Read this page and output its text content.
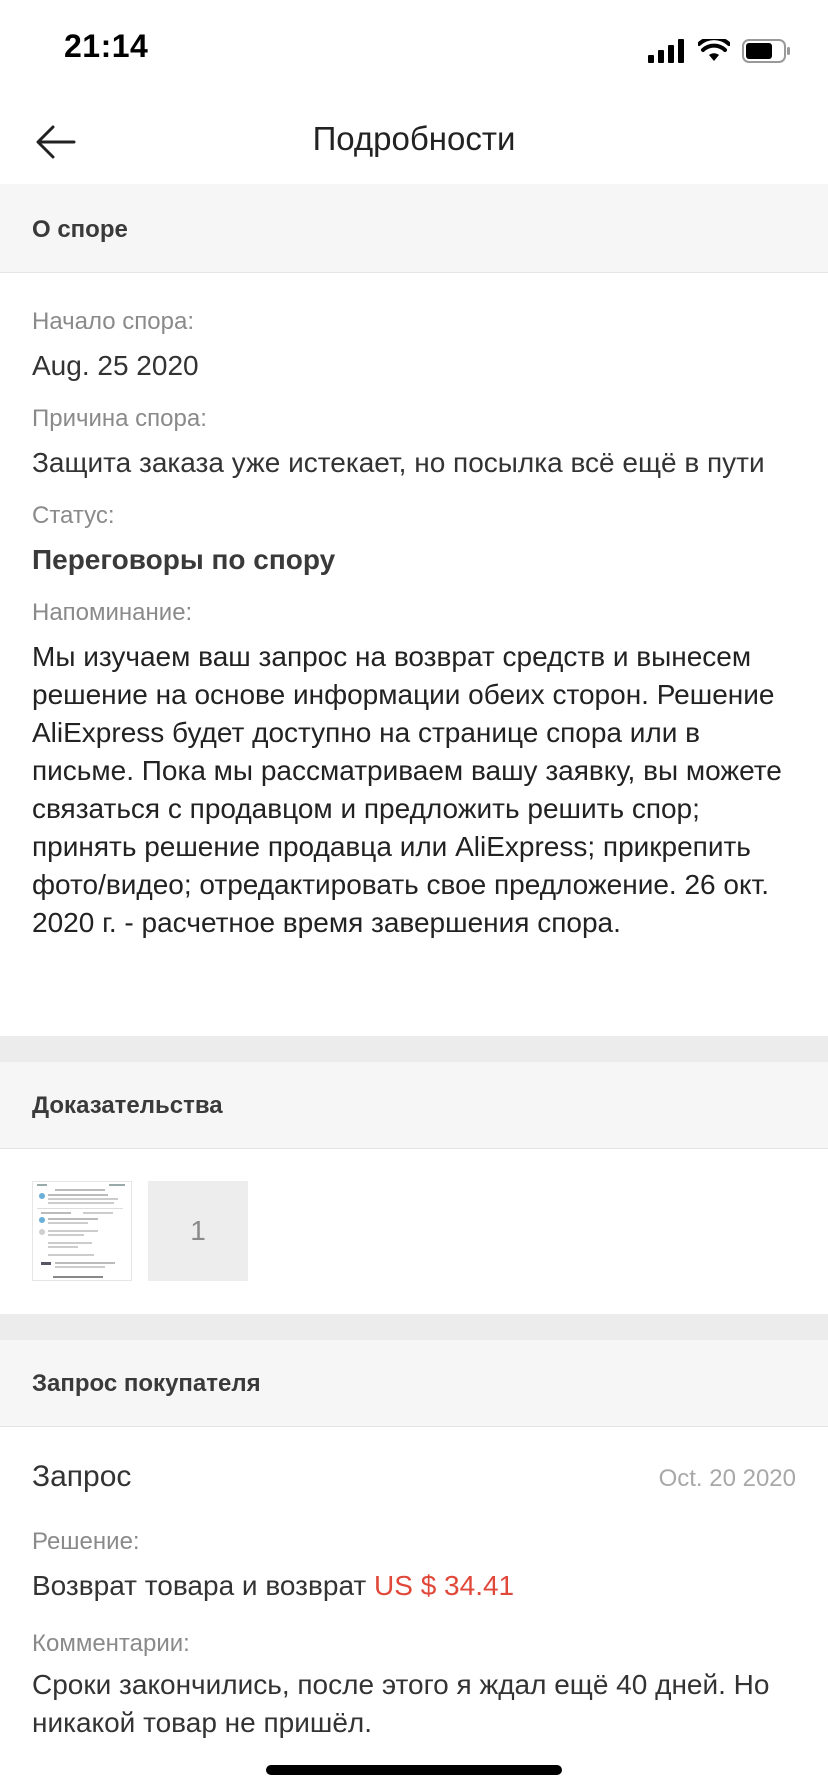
21:14
Подробности
О споре
Начало спора:
Aug. 25 2020
Причина спора:
Защита заказа уже истекает, но посылка всё ещё в пути
Статус:
Переговоры по спору
Напоминание:
Мы изучаем ваш запрос на возврат средств и вынесем решение на основе информации обеих сторон. Решение AliExpress будет доступно на странице спора или в письме. Пока мы рассматриваем вашу заявку, вы можете связаться с продавцом и предложить решить спор; принять решение продавца или AliExpress; прикрепить фото/видео; отредактировать свое предложение. 26 окт. 2020 г. - расчетное время завершения спора.
Доказательства
1
Запрос покупателя
Запрос	Oct. 20 2020
Решение:
Возврат товара и возврат US $ 34.41
Комментарии:
Сроки закончились, после этого я ждал ещё 40 дней. Но никакой товар не пришёл.
